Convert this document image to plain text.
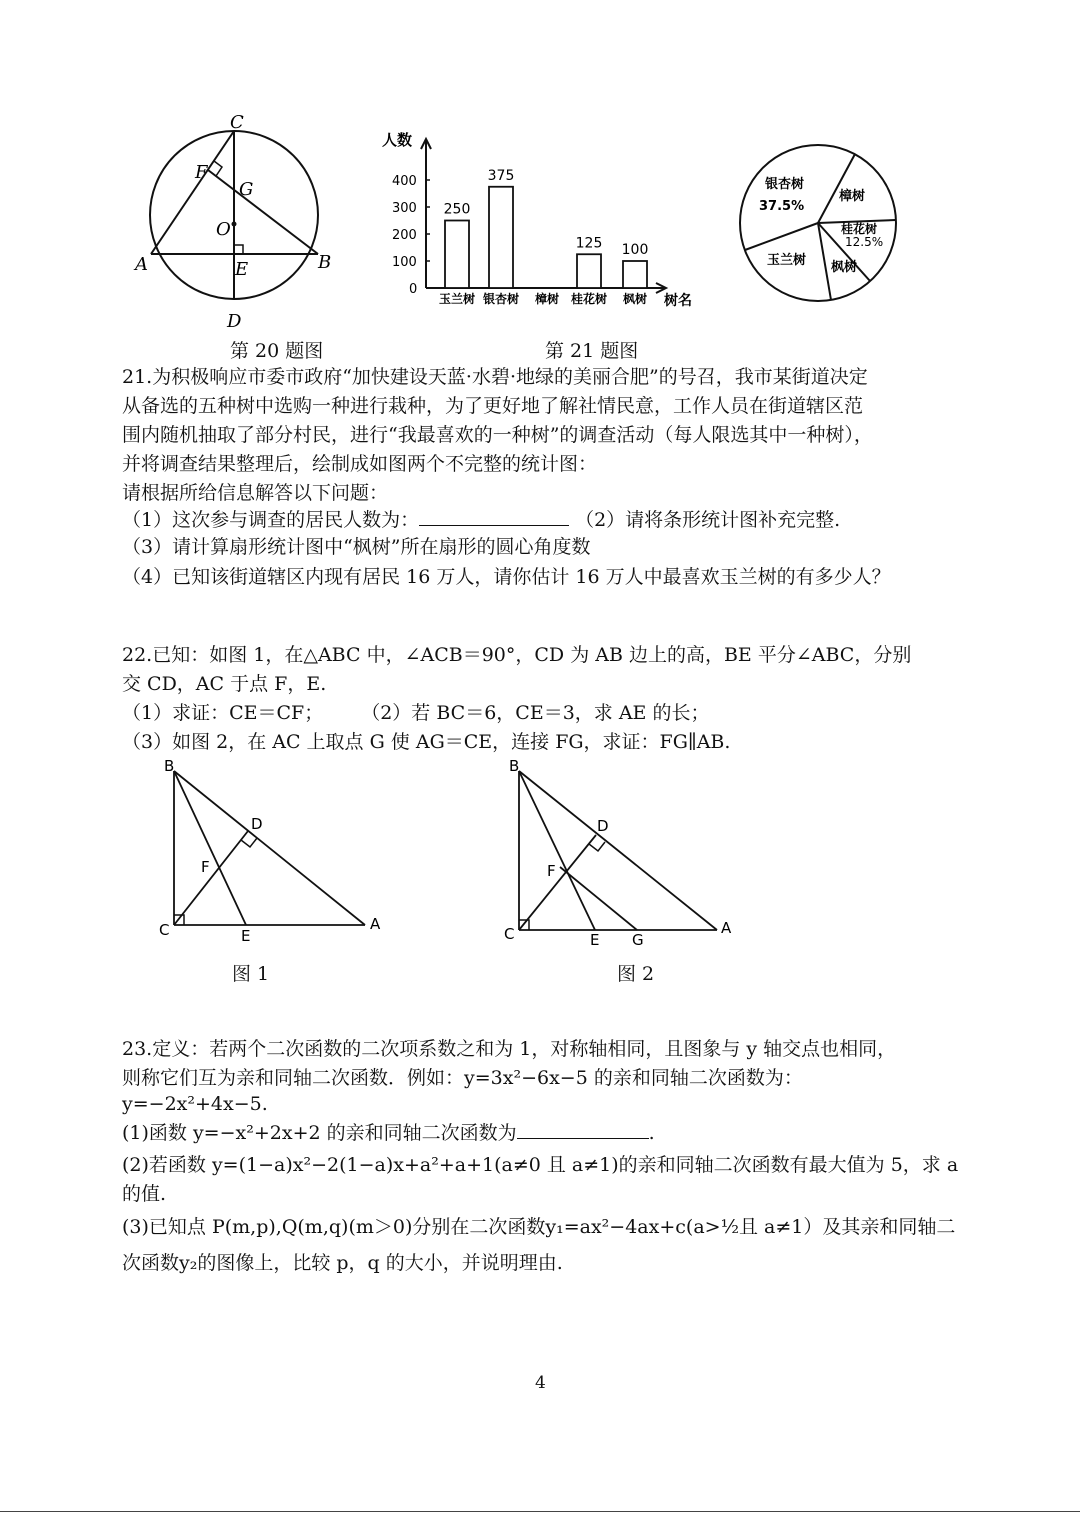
C
F
G
O
A	E	B
D
第 20 题图
人数
树名
0
100
200
300
400
250
玉兰树
375
银杏树 樟树
125
桂花树
100
枫树
银杏树
37.5%
樟树
桂花树
12.5%
玉兰树 枫树
第 21 题图
21.为积极响应市委市政府“加快建设天蓝·水碧·地绿的美丽合肥”的号召，我市某街道决定
从备选的五种树中选购一种进行栽种，为了更好地了解社情民意，工作人员在街道辖区范
围内随机抽取了部分村民，进行“我最喜欢的一种树”的调查活动（每人限选其中一种树），
并将调查结果整理后，绘制成如图两个不完整的统计图：
请根据所给信息解答以下问题：
（1）这次参与调查的居民人数为：	（2）请将条形统计图补充完整.
（3）请计算扇形统计图中“枫树”所在扇形的圆心角度数
（4）已知该街道辖区内现有居民 16 万人，请你估计 16 万人中最喜欢玉兰树的有多少人？
22.已知：如图 1，在△ABC 中，∠ACB＝90°，CD 为 AB 边上的高，BE 平分∠ABC，分别
交 CD，AC 于点 F，E.
（1）求证：CE＝CF； （2）若 BC＝6，CE＝3，求 AE 的长；
（3）如图 2，在 AC 上取点 G 使 AG＝CE，连接 FG，求证：FG∥AB.
B
D
F
C	E
A
图 1
B
D
F
C	E G
A
图 2
23.定义：若两个二次函数的二次项系数之和为 1，对称轴相同，且图象与 y 轴交点也相同，
则称它们互为亲和同轴二次函数．例如：y=3x²−6x−5 的亲和同轴二次函数为：
y=−2x²+4x−5.
(1)函数 y=−x²+2x+2 的亲和同轴二次函数为	.
(2)若函数 y=(1−a)x²−2(1−a)x+a²+a+1(a≠0 且 a≠1)的亲和同轴二次函数有最大值为 5，求 a
的值.
(3)已知点 P(m,p),Q(m,q)(m＞0)分别在二次函数y₁=ax²−4ax+c(a>½且 a≠1）及其亲和同轴二
次函数y₂的图像上，比较 p，q 的大小，并说明理由.
4
